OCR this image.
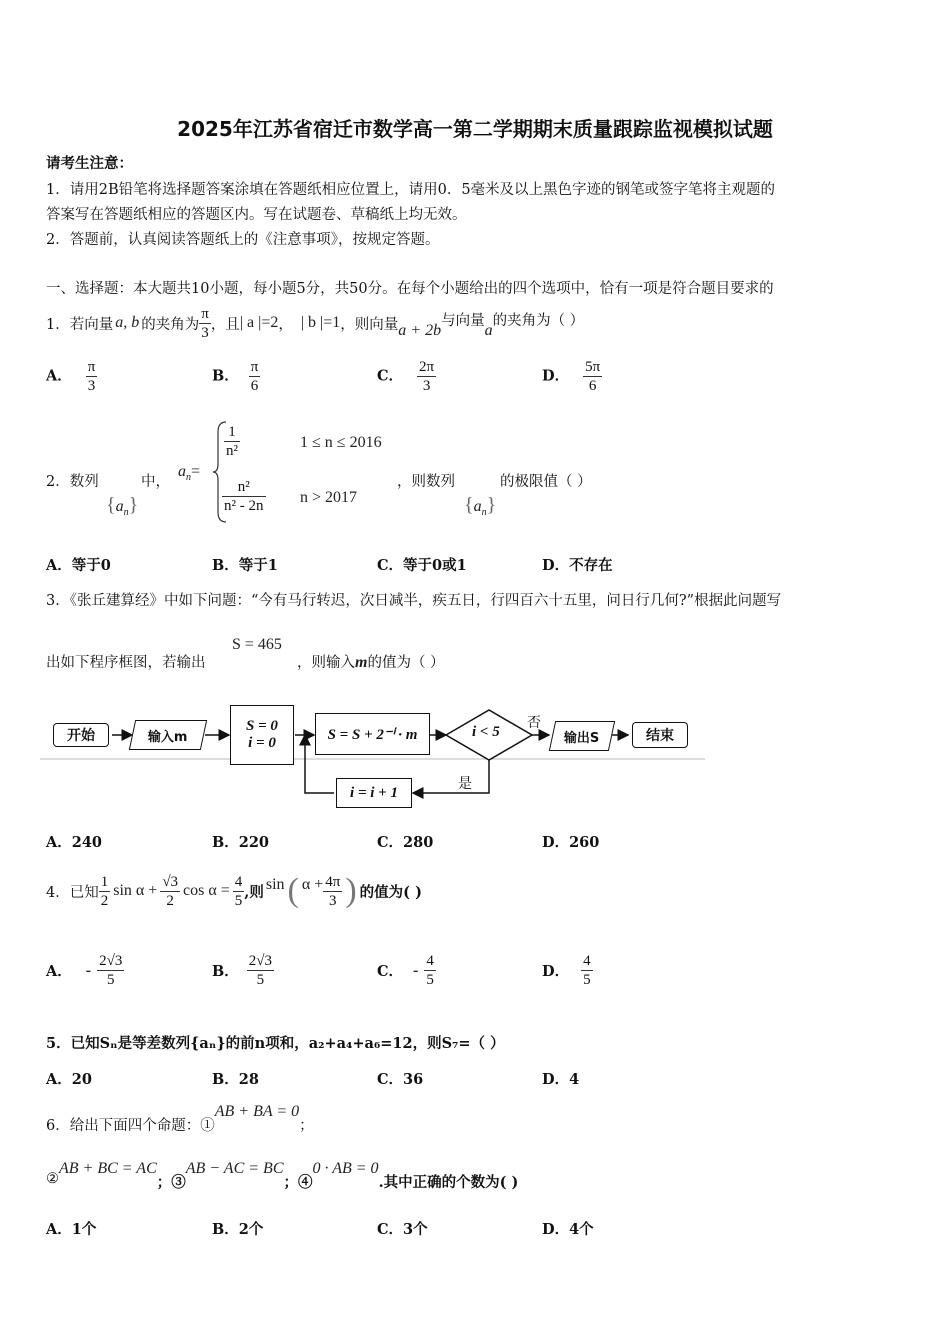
2025年江苏省宿迁市数学高一第二学期期末质量跟踪监视模拟试题
请考生注意：
1．请用2B铅笔将选择题答案涂填在答题纸相应位置上，请用0．5毫米及以上黑色字迹的钢笔或签字笔将主观题的
答案写在答题纸相应的答题区内。写在试题卷、草稿纸上均无效。
2．答题前，认真阅读答题纸上的《注意事项》，按规定答题。
一、选择题：本大题共10小题，每小题5分，共50分。在每个小题给出的四个选项中，恰有一项是符合题目要求的
1．若向量 a, b 的夹角为 $\frac{\pi}{3}$ ，且 | a |=2 ， | b |=1 ，则向量 a + 2b
与向量
a
的夹角为（ ）
A． $\frac{\pi}{3}$	B． $\frac{\pi}{6}$	C． $\frac{2\pi}{3}$	D． $\frac{5\pi}{6}$
2．数列
$\{a_n\}$
中，
$a_n=$
$\frac{1}{\text{n²}}$	1 ≤ n ≤ 2016
$\frac{\text{n²}}{\text{n² - 2n}}$ n > 2017
，则数列
$\{a_n\}$
的极限值（ ）
A．等于0	B．等于1	C．等于0或1	D．不存在
3．《张丘建算经》中如下问题：“今有马行转迟，次日减半，疾五日，行四百六十五里，问日行几何?”根据此问题写
出如下程序框图，若输出
S = 465
，则输入m的值为（ ）
开始	输入m
S = 0
i = 0
S = S + 2⁻ⁱ · m	i < 5
否
输出S	结束
i = i + 1
是
A．240	B．220	C．280	D．260
4．已知 $\frac{1}{2}$ $\sin \alpha + \frac{√3}{2}$ $\cos \alpha = \frac{4}{5}$ ,则 sin ( $\alpha + \frac{4\pi}{3}$ ) 的值为( )
A． - $\frac{2√3}{5}$	B． $\frac{2√3}{5}$	C． - $\frac{4}{5}$	D． $\frac{4}{5}$
5．已知Sₙ是等差数列{aₙ}的前n项和，a₂+a₄+a₆=12，则S₇=（ ）
A．20	B．28	C．36	D．4
6．给出下面四个命题：①
AB + BA = 0
；
②
AB + BC = AC
；③
AB − AC = BC
；④
0 · AB = 0
.其中正确的个数为( )
A．1个	B．2个	C．3个	D．4个
